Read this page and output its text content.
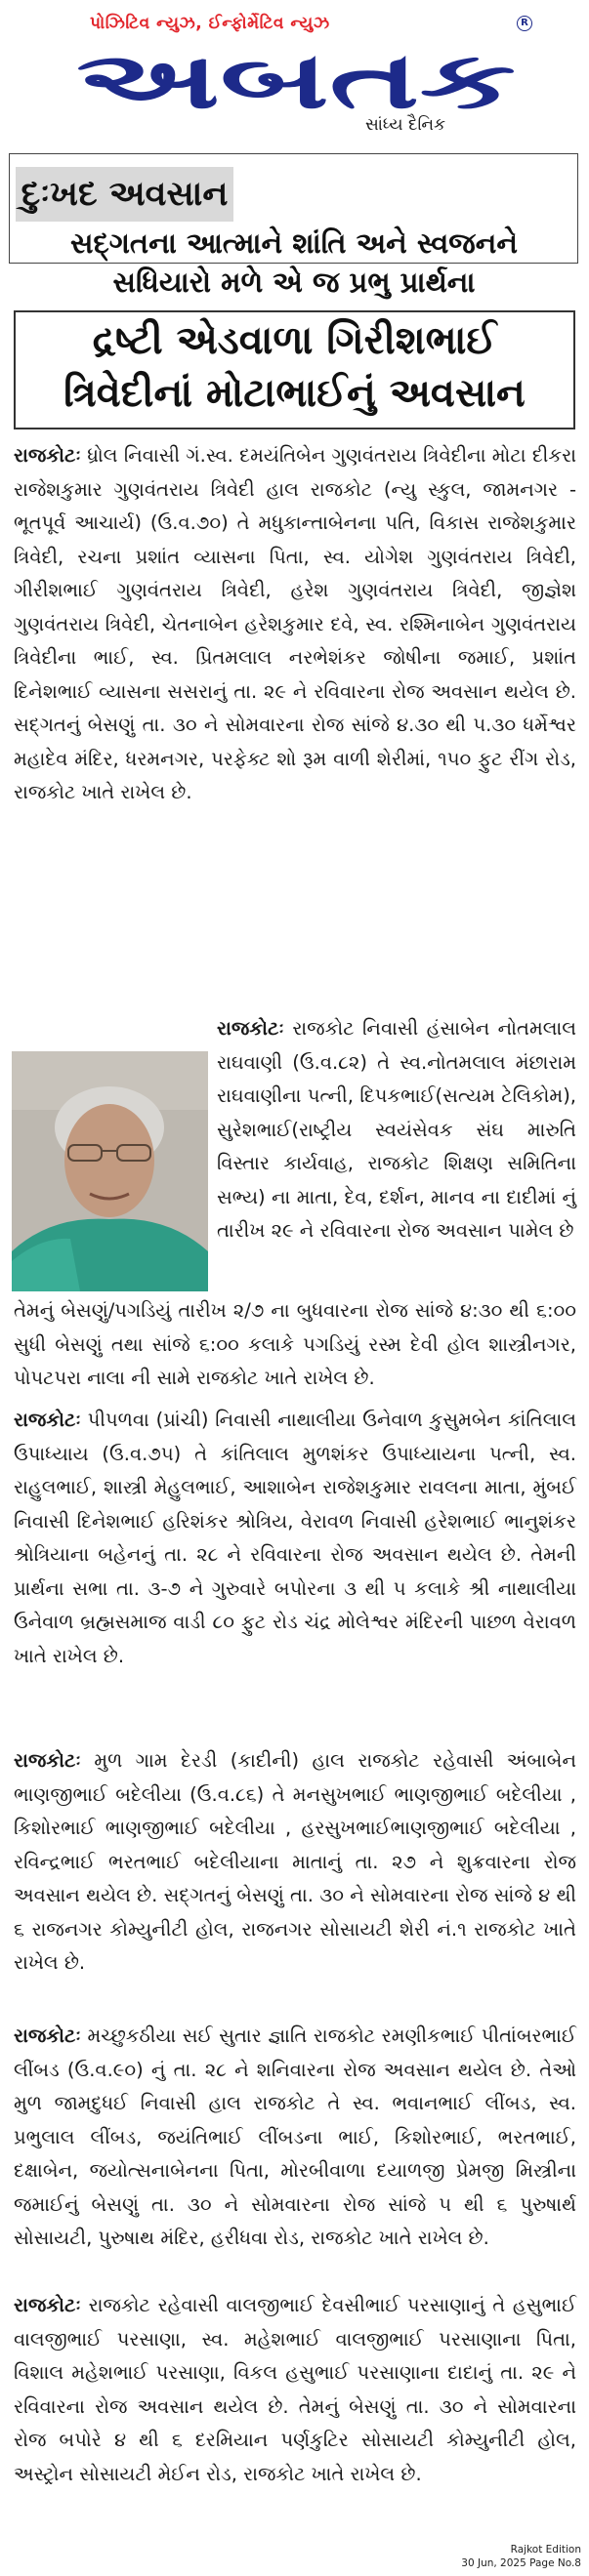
પોઝિટિવ ન્યુઝ, ઈન્ફોર્મેટિવ ન્યુઝ	R
અબતક
સાંધ્ય દૈનિક
દુઃખદ અવસાન
સદ્ગતના આત્માને શાંતિ અને સ્વજનને
સધિયારો મળે એ જ પ્રભુ પ્રાર્થના
દ્રષ્ટી એડવાળા ગિરીશભાઈ
ત્રિવેદીનાં મોટાભાઈનું અવસાન

રાજકોટઃ ધ્રોલ નિવાસી ગં.સ્વ. દમયંતિબેન ગુણવંતરાય ત્રિવેદીના મોટા દીકરા રાજેશકુમાર ગુણવંતરાય ત્રિવેદી હાલ રાજકોટ (ન્યુ સ્કુલ, જામનગર - ભૂતપૂર્વ આચાર્ય) (ઉ.વ.૭૦) તે મધુકાન્તાબેનના પતિ, વિકાસ રાજેશકુમાર ત્રિવેદી, રચના પ્રશાંત વ્યાસના પિતા, સ્વ. યોગેશ ગુણવંતરાય ત્રિવેદી, ગીરીશભાઈ ગુણવંતરાય ત્રિવેદી, હરેશ ગુણવંતરાય ત્રિવેદી, જીજ્ઞેશ ગુણવંતરાય ત્રિવેદી, ચેતનાબેન હરેશકુમાર દવે, સ્વ. રશ્મિનાબેન ગુણવંતરાય ત્રિવેદીના ભાઈ, સ્વ. પ્રિતમલાલ નરભેશંકર જોષીના જમાઈ, પ્રશાંત દિનેશભાઈ વ્યાસના સસરાનું તા. ૨૯ ને રવિવારના રોજ અવસાન થયેલ છે. સદ્ગતનું બેસણું તા. ૩૦ ને સોમવારના રોજ સાંજે ૪.૩૦ થી ૫.૩૦ ધર્મેશ્વર મહાદેવ મંદિર, ધરમનગર, પરફેક્ટ શો રૂમ વાળી શેરીમાં, ૧૫૦ ફુટ રીંગ રોડ, રાજકોટ ખાતે રાખેલ છે.

રાજકોટઃ રાજકોટ નિવાસી હંસાબેન નોતમલાલ રાઘવાણી (ઉ.વ.૮૨) તે સ્વ.નોતમલાલ મંછારામ રાઘવાણીના પત્ની, દિપકભાઈ(સત્યમ ટેલિકોમ), સુરેશભાઈ(રાષ્ટ્રીય સ્વયંસેવક સંઘ મારુતિ વિસ્તાર કાર્યવાહ, રાજકોટ શિક્ષણ સમિતિના સભ્ય) ના માતા, દેવ, દર્શન, માનવ ના દાદીમાં નું તારીખ ૨૯ ને રવિવારના રોજ અવસાન પામેલ છે

તેમનું બેસણું/પગડિયું તારીખ ૨/૭ ના બુધવારના રોજ સાંજે ૪:૩૦ થી ૬:૦૦ સુધી બેસણું તથા સાંજે ૬:૦૦ કલાકે પગડિયું રસ્મ દેવી હોલ શાસ્ત્રીનગર, પોપટપરા નાલા ની સામે રાજકોટ ખાતે રાખેલ છે.

રાજકોટઃ પીપળવા (પ્રાંચી) નિવાસી નાથાલીયા ઉનેવાળ કુસુમબેન કાંતિલાલ ઉપાધ્યાય (ઉ.વ.૭૫) તે કાંતિલાલ મુળશંકર ઉપાધ્યાયના પત્ની, સ્વ. રાહુલભાઈ, શાસ્ત્રી મેહુલભાઈ, આશાબેન રાજેશકુમાર રાવલના માતા, મુંબઈ નિવાસી દિનેશભાઈ હરિશંકર શ્રોત્રિય, વેરાવળ નિવાસી હરેશભાઈ ભાનુશંકર શ્રોત્રિયાના બહેનનું તા. ૨૮ ને રવિવારના રોજ અવસાન થયેલ છે. તેમની પ્રાર્થના સભા તા. ૩-૭ ને ગુરુવારે બપોરના ૩ થી ૫ કલાકે શ્રી નાથાલીયા ઉનેવાળ બ્રહ્મસમાજ વાડી ૮૦ ફુટ રોડ ચંદ્ર મોલેશ્વર મંદિરની પાછળ વેરાવળ ખાતે રાખેલ છે.

રાજકોટઃ મુળ ગામ દેરડી (કાદીની) હાલ રાજકોટ રહેવાસી અંબાબેન ભાણજીભાઈ બદેલીયા (ઉ.વ.૮૬) તે મનસુખભાઈ ભાણજીભાઈ બદેલીયા , કિશોરભાઈ ભાણજીભાઈ બદેલીયા , હરસુખભાઈભાણજીભાઈ બદેલીયા , રવિન્દ્રભાઈ ભરતભાઈ બદેલીયાના માતાનું તા. ૨૭ ને શુક્રવારના રોજ અવસાન થયેલ છે. સદ્ગતનું બેસણું તા. ૩૦ ને સોમવારના રોજ સાંજે ૪ થી ૬ રાજનગર કોમ્યુનીટી હોલ, રાજનગર સોસાયટી શેરી નં.૧ રાજકોટ ખાતે રાખેલ છે.

રાજકોટઃ મચ્છુકઠીયા સઈ સુતાર જ્ઞાતિ રાજકોટ રમણીકભાઈ પીતાંબરભાઈ લીંબડ (ઉ.વ.૯૦) નું તા. ૨૮ ને શનિવારના રોજ અવસાન થયેલ છે. તેઓ મુળ જામદુધઈ નિવાસી હાલ રાજકોટ તે સ્વ. ભવાનભાઈ લીંબડ, સ્વ. પ્રભુલાલ લીંબડ, જયંતિભાઈ લીંબડના ભાઈ, કિશોરભાઈ, ભરતભાઈ, દક્ષાબેન, જયોત્સનાબેનના પિતા, મોરબીવાળા દયાળજી પ્રેમજી મિસ્ત્રીના જમાઈનું બેસણું તા. ૩૦ ને સોમવારના રોજ સાંજે ૫ થી ૬ પુરુષાર્થ સોસાયટી, પુરુષાથ મંદિર, હરીધવા રોડ, રાજકોટ ખાતે રાખેલ છે.

રાજકોટઃ રાજકોટ રહેવાસી વાલજીભાઈ દેવસીભાઈ પરસાણાનું તે હસુભાઈ વાલજીભાઈ પરસાણા, સ્વ. મહેશભાઈ વાલજીભાઈ પરસાણાના પિતા, વિશાલ મહેશભાઈ પરસાણા, વિકલ હસુભાઈ પરસાણાના દાદાનું તા. ૨૯ ને રવિવારના રોજ અવસાન થયેલ છે. તેમનું બેસણું તા. ૩૦ ને સોમવારના રોજ બપોરે ૪ થી ૬ દરમિયાન પર્ણકુટિર સોસાયટી કોમ્યુનીટી હોલ, અસ્ટ્રોન સોસાયટી મેઈન રોડ, રાજકોટ ખાતે રાખેલ છે.

Rajkot Edition
30 Jun, 2025 Page No.8
